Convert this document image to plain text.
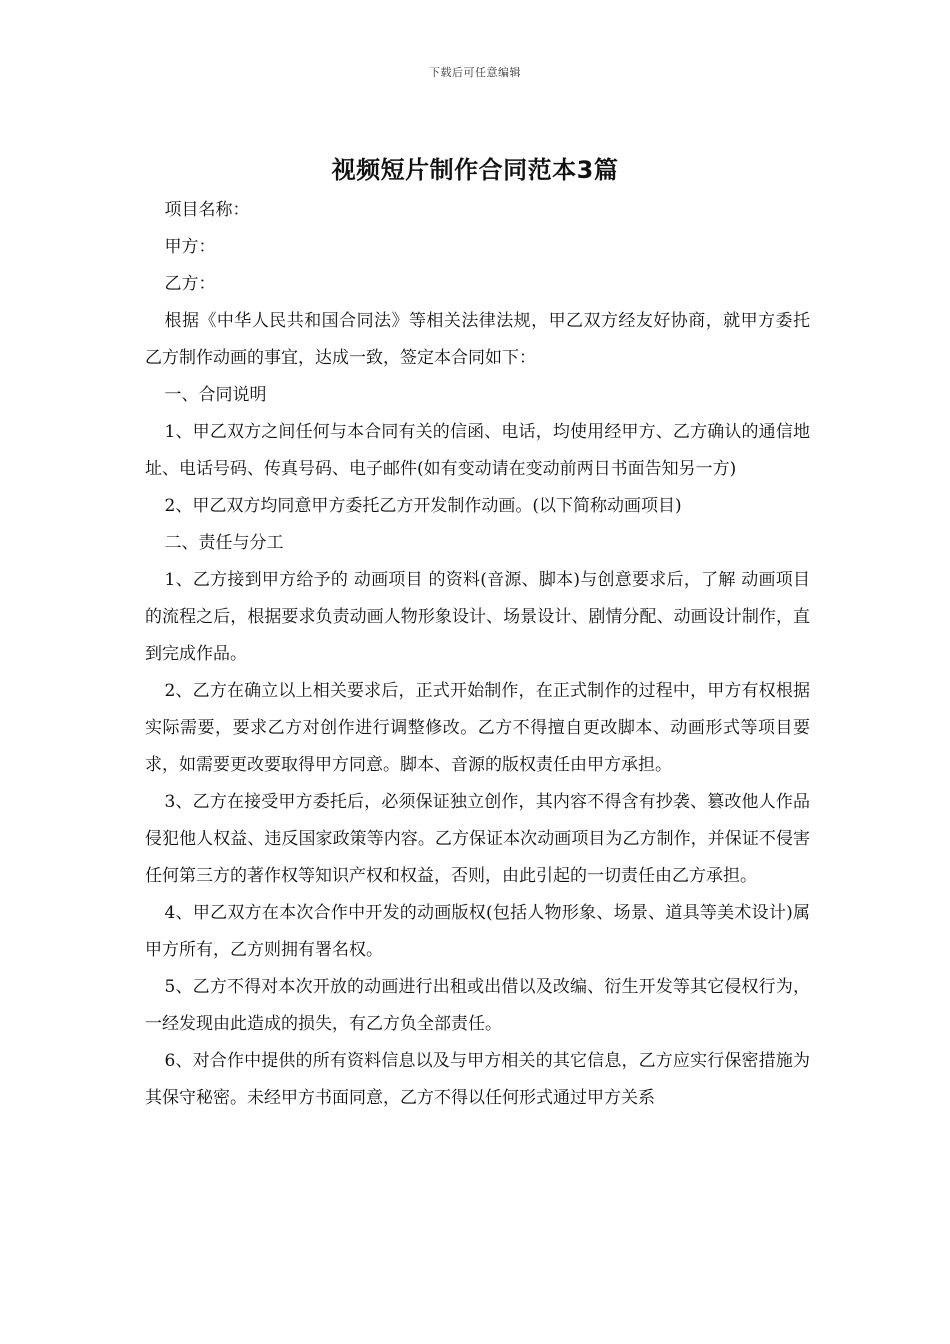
下载后可任意编辑
视频短片制作合同范本3篇

项目名称：

甲方：

乙方：

根据《中华人民共和国合同法》等相关法律法规，甲乙双方经友好协商，就甲方委托乙方制作动画的事宜，达成一致，签定本合同如下：

一、合同说明

1、甲乙双方之间任何与本合同有关的信函、电话，均使用经甲方、乙方确认的通信地址、电话号码、传真号码、电子邮件(如有变动请在变动前两日书面告知另一方)

2、甲乙双方均同意甲方委托乙方开发制作动画。(以下简称动画项目)

二、责任与分工

1、乙方接到甲方给予的 动画项目 的资料(音源、脚本)与创意要求后，了解 动画项目 的流程之后，根据要求负责动画人物形象设计、场景设计、剧情分配、动画设计制作，直到完成作品。

2、乙方在确立以上相关要求后，正式开始制作，在正式制作的过程中，甲方有权根据实际需要，要求乙方对创作进行调整修改。乙方不得擅自更改脚本、动画形式等项目要求，如需要更改要取得甲方同意。脚本、音源的版权责任由甲方承担。

3、乙方在接受甲方委托后，必须保证独立创作，其内容不得含有抄袭、篡改他人作品侵犯他人权益、违反国家政策等内容。乙方保证本次动画项目为乙方制作，并保证不侵害任何第三方的著作权等知识产权和权益，否则，由此引起的一切责任由乙方承担。

4、甲乙双方在本次合作中开发的动画版权(包括人物形象、场景、道具等美术设计)属甲方所有，乙方则拥有署名权。

5、乙方不得对本次开放的动画进行出租或出借以及改编、衍生开发等其它侵权行为，一经发现由此造成的损失，有乙方负全部责任。

6、对合作中提供的所有资料信息以及与甲方相关的其它信息，乙方应实行保密措施为其保守秘密。未经甲方书面同意，乙方不得以任何形式通过甲方关系
